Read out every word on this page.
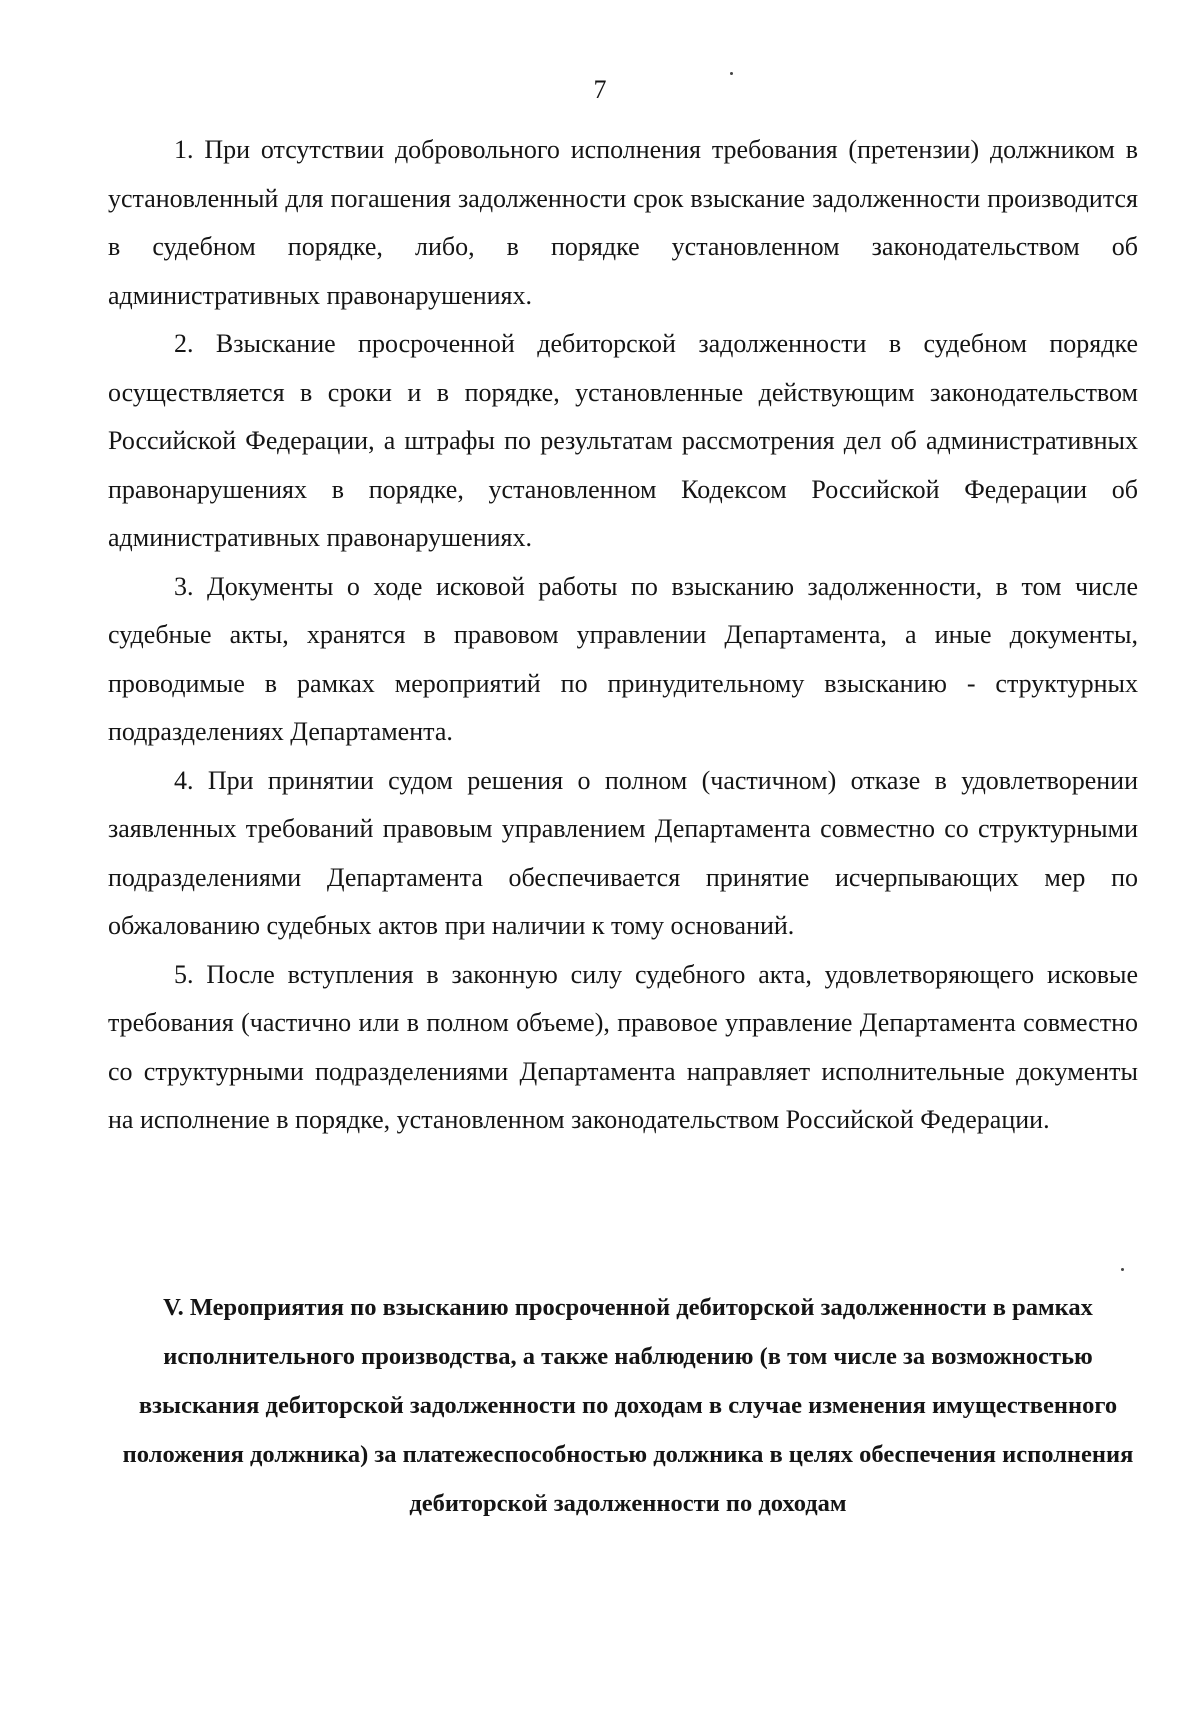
7

1. При отсутствии добровольного исполнения требования (претензии) должником в установленный для погашения задолженности срок взыскание задолженности производится в судебном порядке, либо, в порядке установленном законодательством об административных правонарушениях.

2. Взыскание просроченной дебиторской задолженности в судебном порядке осуществляется в сроки и в порядке, установленные действующим законодательством Российской Федерации, а штрафы по результатам рассмотрения дел об административных правонарушениях в порядке, установленном Кодексом Российской Федерации об административных правонарушениях.

3. Документы о ходе исковой работы по взысканию задолженности, в том числе судебные акты, хранятся в правовом управлении Департамента, а иные документы, проводимые в рамках мероприятий по принудительному взысканию - структурных подразделениях Департамента.

4. При принятии судом решения о полном (частичном) отказе в удовлетворении заявленных требований правовым управлением Департамента совместно со структурными подразделениями Департамента обеспечивается принятие исчерпывающих мер по обжалованию судебных актов при наличии к тому оснований.

5. После вступления в законную силу судебного акта, удовлетворяющего исковые требования (частично или в полном объеме), правовое управление Департамента совместно со структурными подразделениями Департамента направляет исполнительные документы на исполнение в порядке, установленном законодательством Российской Федерации.

V. Мероприятия по взысканию просроченной дебиторской задолженности в рамках исполнительного производства, а также наблюдению (в том числе за возможностью взыскания дебиторской задолженности по доходам в случае изменения имущественного положения должника) за платежеспособностью должника в целях обеспечения исполнения дебиторской задолженности по доходам
